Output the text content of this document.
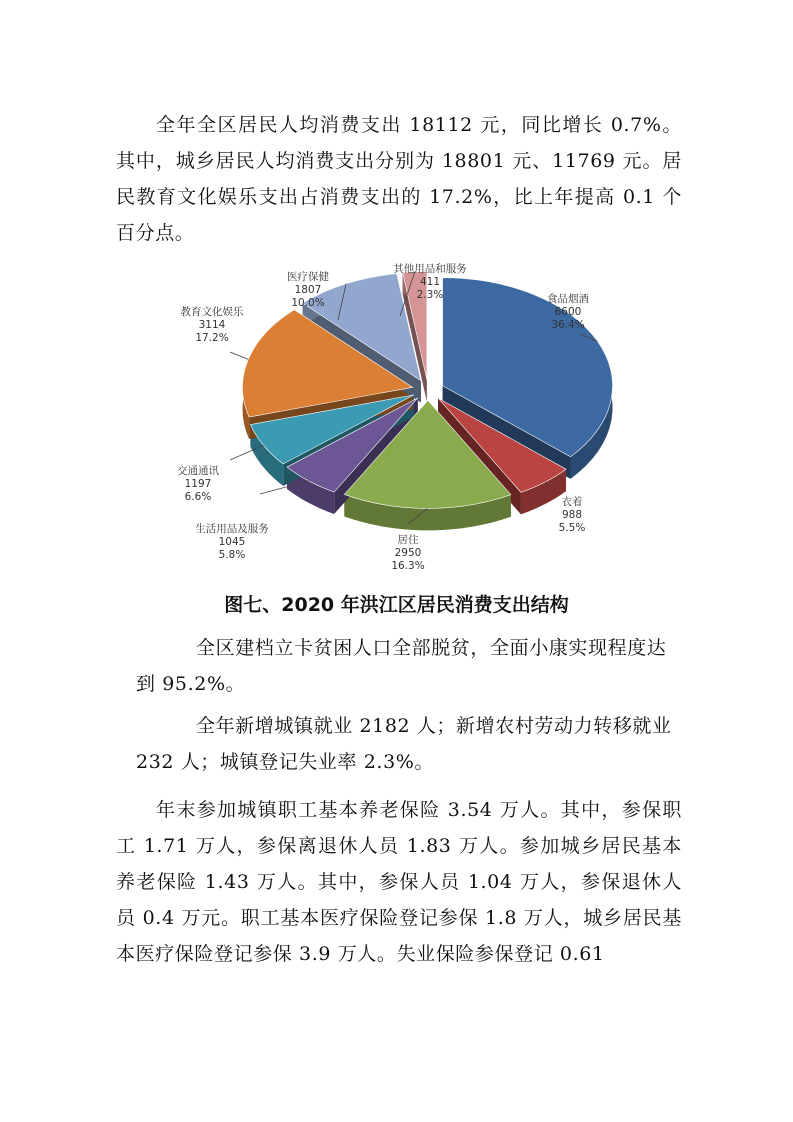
全年全区居民人均消费支出 18112 元，同比增长 0.7%。其中，城乡居民人均消费支出分别为 18801 元、11769 元。居民教育文化娱乐支出占消费支出的 17.2%，比上年提高 0.1 个百分点。

食品烟酒
6600
36.4%
衣着
988
5.5%
居住
2950
16.3%
生活用品及服务
1045
5.8%
交通通讯
1197
6.6%
教育文化娱乐
3114
17.2%
医疗保健
1807
10.0%
其他用品和服务
411
2.3%

图七、2020 年洪江区居民消费支出结构

全区建档立卡贫困人口全部脱贫，全面小康实现程度达到 95.2%。

全年新增城镇就业 2182 人；新增农村劳动力转移就业 232 人；城镇登记失业率 2.3%。

年末参加城镇职工基本养老保险 3.54 万人。其中，参保职工 1.71 万人，参保离退休人员 1.83 万人。参加城乡居民基本养老保险 1.43 万人。其中，参保人员 1.04 万人，参保退休人员 0.4 万元。职工基本医疗保险登记参保 1.8 万人，城乡居民基本医疗保险登记参保 3.9 万人。失业保险参保登记 0.61
